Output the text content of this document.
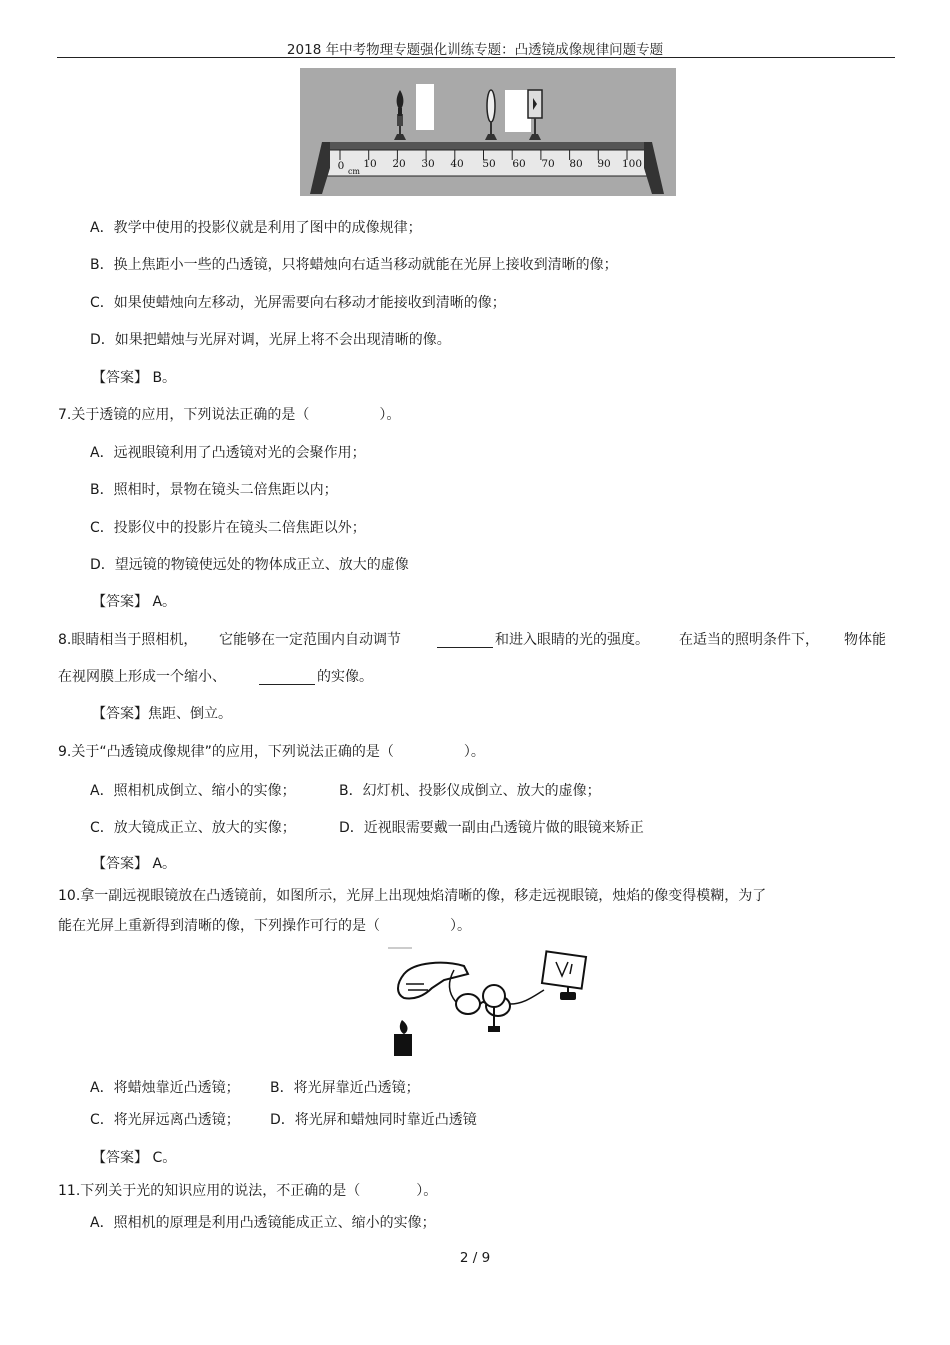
2018 年中考物理专题强化训练专题：凸透镜成像规律问题专题
0 10 20 30 40 50 60 70 80 90 100
cm
A．教学中使用的投影仪就是利用了图中的成像规律；
B．换上焦距小一些的凸透镜，只将蜡烛向右适当移动就能在光屏上接收到清晰的像；
C．如果使蜡烛向左移动，光屏需要向右移动才能接收到清晰的像；
D．如果把蜡烛与光屏对调，光屏上将不会出现清晰的像。
【答案】 B。
7.关于透镜的应用，下列说法正确的是（　　　　　）。
A．远视眼镜利用了凸透镜对光的会聚作用；
B．照相时，景物在镜头二倍焦距以内；
C．投影仪中的投影片在镜头二倍焦距以外；
D．望远镜的物镜使远处的物体成正立、放大的虚像
【答案】 A。
8.眼睛相当于照相机， 它能够在一定范围内自动调节	和进入眼睛的光的强度。 在适当的照明条件下， 物体能
在视网膜上形成一个缩小、	的实像。
【答案】焦距、倒立。
9.关于“凸透镜成像规律”的应用，下列说法正确的是（　　　　　）。
A．照相机成倒立、缩小的实像；	B．幻灯机、投影仪成倒立、放大的虚像；
C．放大镜成正立、放大的实像；	D．近视眼需要戴一副由凸透镜片做的眼镜来矫正
【答案】 A。
10.拿一副远视眼镜放在凸透镜前，如图所示，光屏上出现烛焰清晰的像，移走远视眼镜，烛焰的像变得模糊，为了
能在光屏上重新得到清晰的像，下列操作可行的是（　　　　　）。
A．将蜡烛靠近凸透镜； B．将光屏靠近凸透镜；
C．将光屏远离凸透镜； D．将光屏和蜡烛同时靠近凸透镜
【答案】 C。
11.下列关于光的知识应用的说法，不正确的是（　　　　）。
A．照相机的原理是利用凸透镜能成正立、缩小的实像；
2 / 9
